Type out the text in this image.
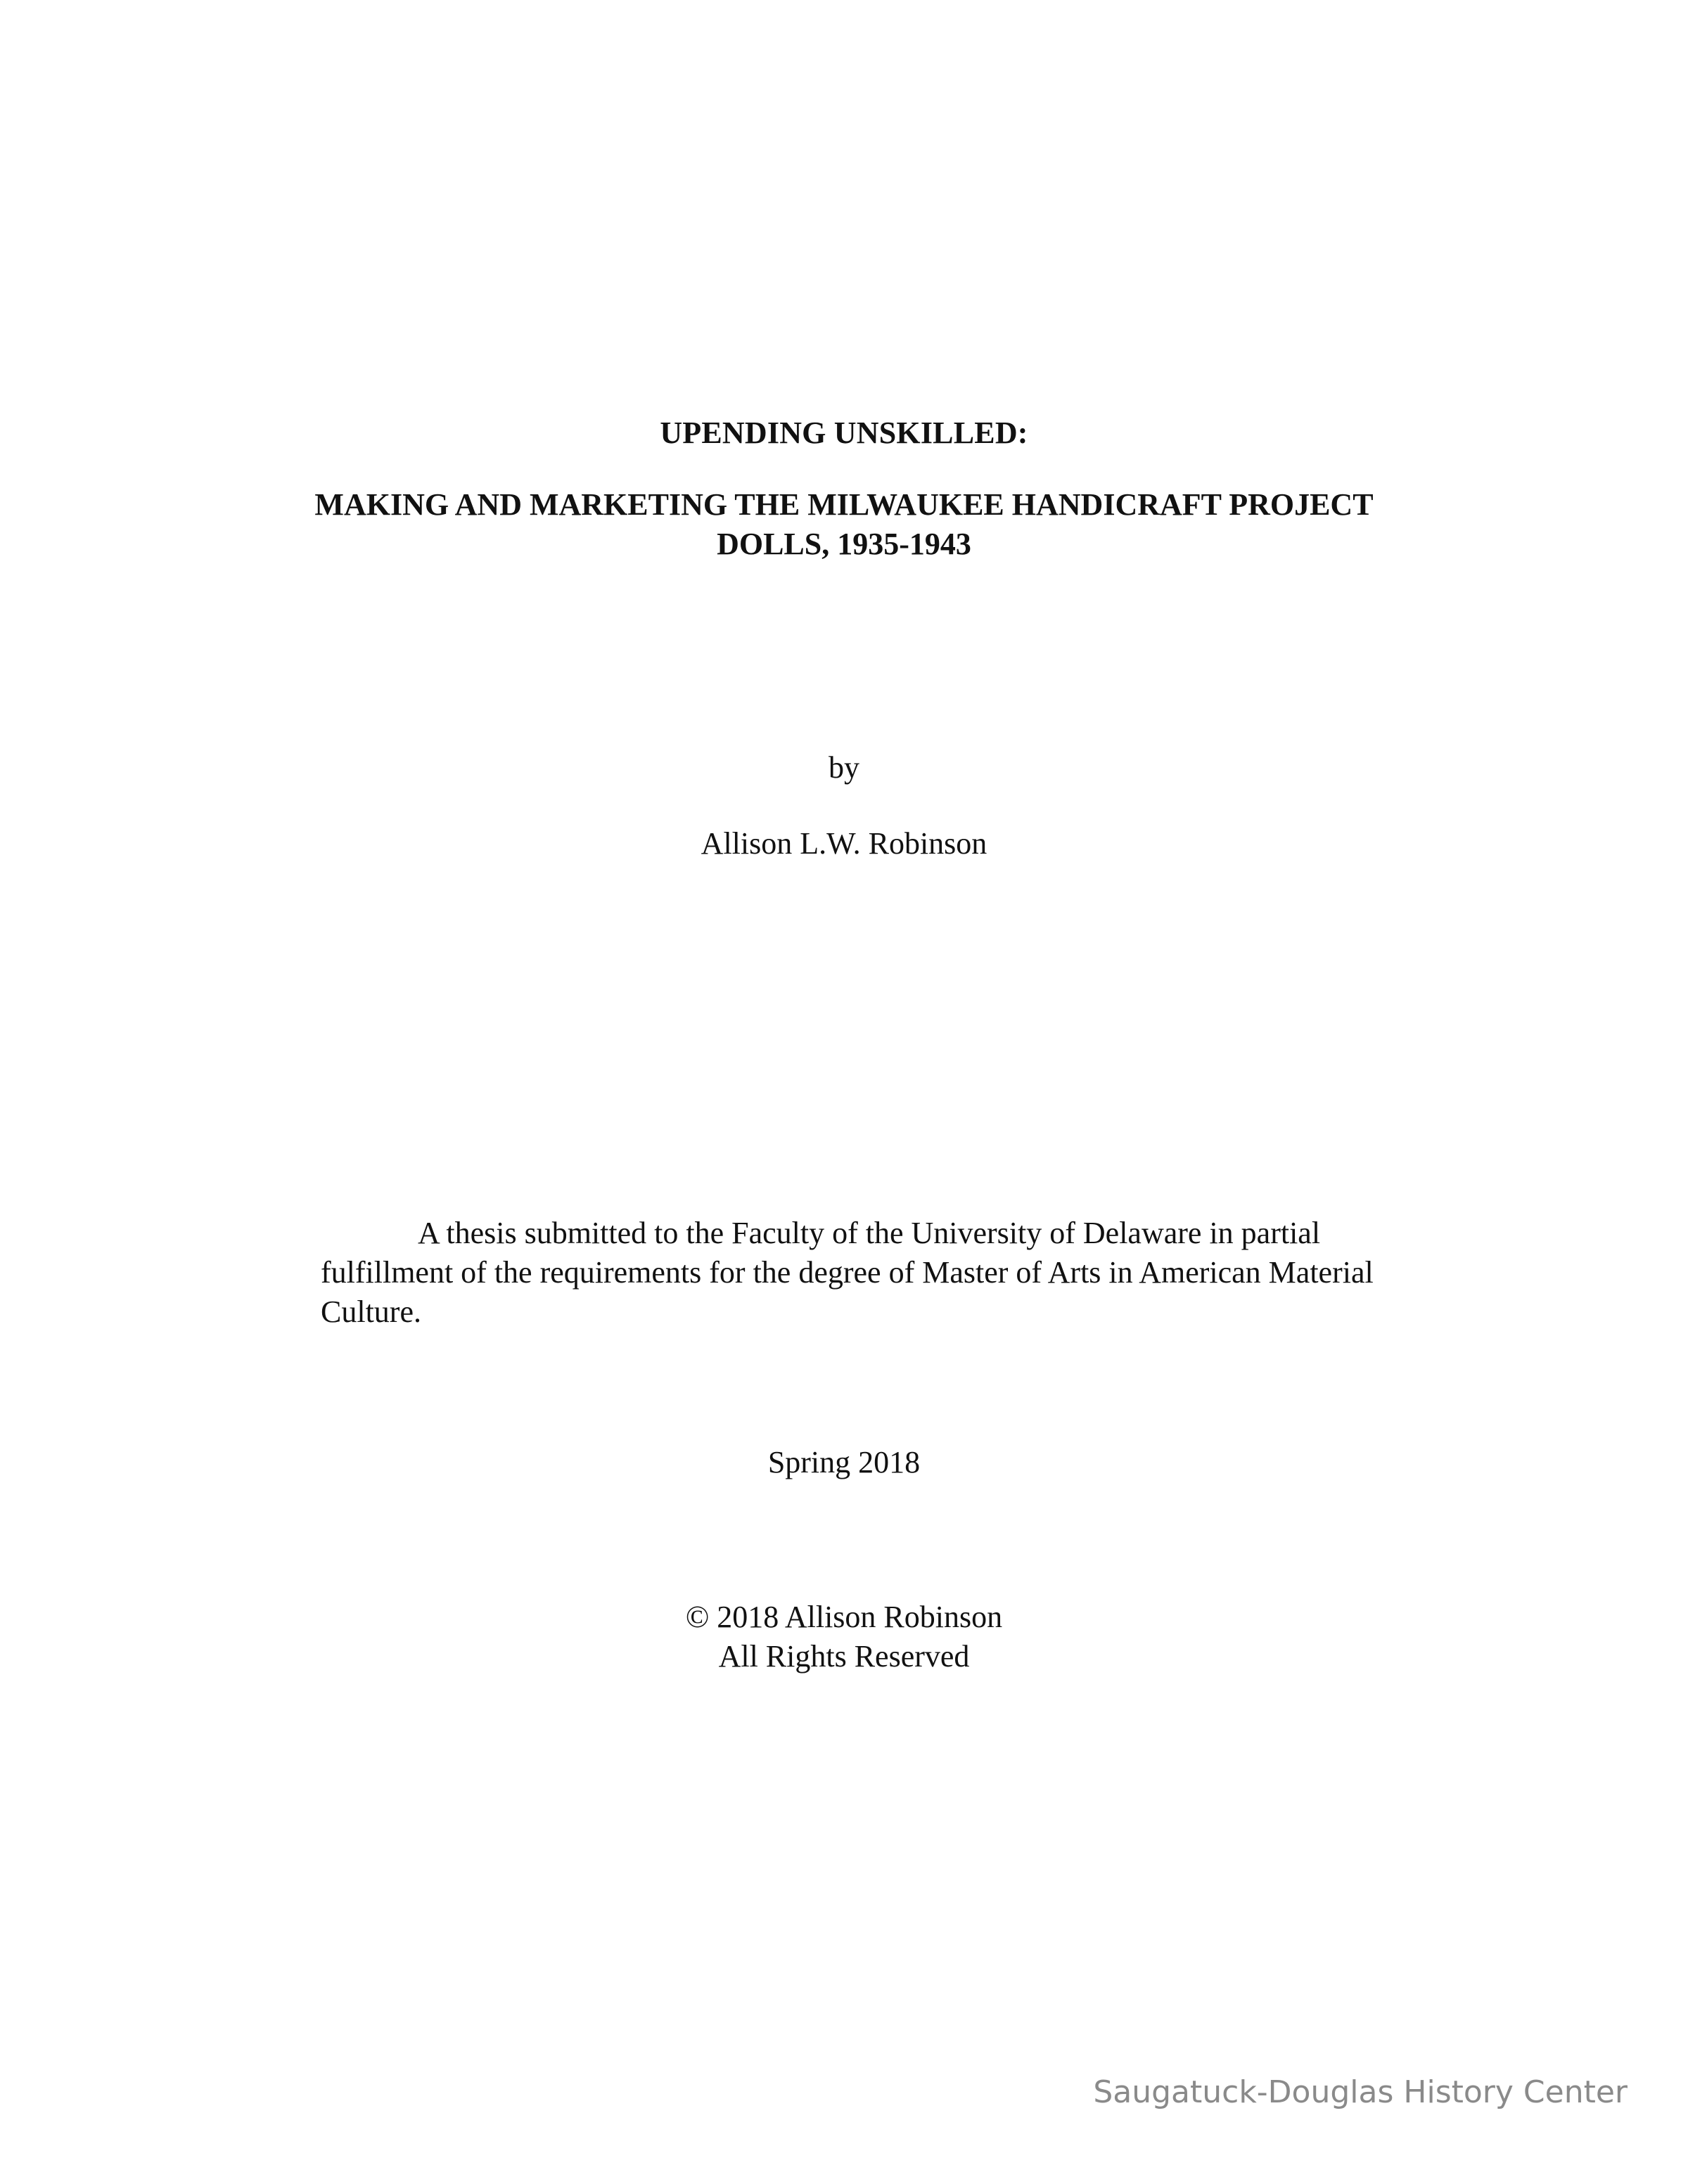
UPENDING UNSKILLED:

MAKING AND MARKETING THE MILWAUKEE HANDICRAFT PROJECT
DOLLS, 1935-1943

by

Allison L.W. Robinson

A thesis submitted to the Faculty of the University of Delaware in partial
fulfillment of the requirements for the degree of Master of Arts in American Material
Culture.

Spring 2018

© 2018 Allison Robinson
All Rights Reserved

Saugatuck-Douglas History Center
